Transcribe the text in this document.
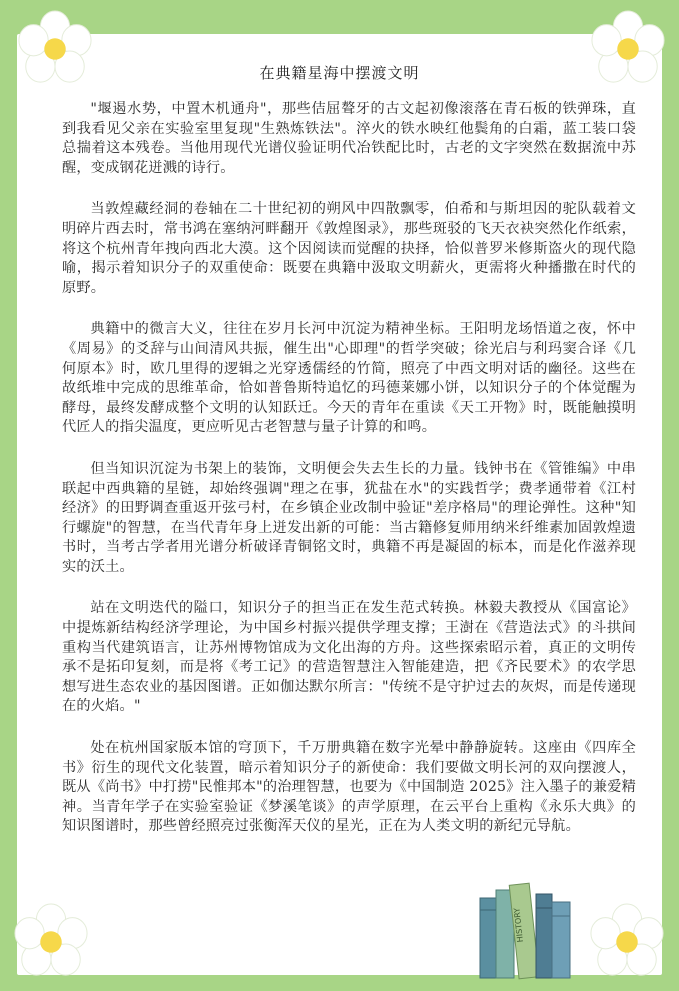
HISTORY
在典籍星海中摆渡文明

"堰遏水势，中置木机通舟"，那些佶屈聱牙的古文起初像滚落在青石板的铁弹珠，直到我看见父亲在实验室里复现"生熟炼铁法"。淬火的铁水映红他鬓角的白霜，蓝工装口袋总揣着这本残卷。当他用现代光谱仪验证明代冶铁配比时，古老的文字突然在数据流中苏醒，变成钢花迸溅的诗行。

当敦煌藏经洞的卷轴在二十世纪初的朔风中四散飘零，伯希和与斯坦因的驼队载着文明碎片西去时，常书鸿在塞纳河畔翻开《敦煌图录》，那些斑驳的飞天衣袂突然化作纸索，将这个杭州青年拽向西北大漠。这个因阅读而觉醒的抉择，恰似普罗米修斯盗火的现代隐喻，揭示着知识分子的双重使命：既要在典籍中汲取文明薪火，更需将火种播撒在时代的原野。

典籍中的微言大义，往往在岁月长河中沉淀为精神坐标。王阳明龙场悟道之夜，怀中《周易》的爻辞与山间清风共振，催生出"心即理"的哲学突破；徐光启与利玛窦合译《几何原本》时，欧几里得的逻辑之光穿透儒经的竹简，照亮了中西文明对话的幽径。这些在故纸堆中完成的思维革命，恰如普鲁斯特追忆的玛德莱娜小饼，以知识分子的个体觉醒为酵母，最终发酵成整个文明的认知跃迁。今天的青年在重读《天工开物》时，既能触摸明代匠人的指尖温度，更应听见古老智慧与量子计算的和鸣。

但当知识沉淀为书架上的装饰，文明便会失去生长的力量。钱钟书在《管锥编》中串联起中西典籍的星链，却始终强调"理之在事，犹盐在水"的实践哲学；费孝通带着《江村经济》的田野调查重返开弦弓村，在乡镇企业改制中验证"差序格局"的理论弹性。这种"知行螺旋"的智慧，在当代青年身上迸发出新的可能：当古籍修复师用纳米纤维素加固敦煌遗书时，当考古学者用光谱分析破译青铜铭文时，典籍不再是凝固的标本，而是化作滋养现实的沃土。

站在文明迭代的隘口，知识分子的担当正在发生范式转换。林毅夫教授从《国富论》中提炼新结构经济学理论，为中国乡村振兴提供学理支撑；王澍在《营造法式》的斗拱间重构当代建筑语言，让苏州博物馆成为文化出海的方舟。这些探索昭示着，真正的文明传承不是拓印复刻，而是将《考工记》的营造智慧注入智能建造，把《齐民要术》的农学思想写进生态农业的基因图谱。正如伽达默尔所言："传统不是守护过去的灰烬，而是传递现在的火焰。"

处在杭州国家版本馆的穹顶下，千万册典籍在数字光晕中静静旋转。这座由《四库全书》衍生的现代文化装置，暗示着知识分子的新使命：我们要做文明长河的双向摆渡人，既从《尚书》中打捞"民惟邦本"的治理智慧，也要为《中国制造 2025》注入墨子的兼爱精神。当青年学子在实验室验证《梦溪笔谈》的声学原理，在云平台上重构《永乐大典》的知识图谱时，那些曾经照亮过张衡浑天仪的星光，正在为人类文明的新纪元导航。
